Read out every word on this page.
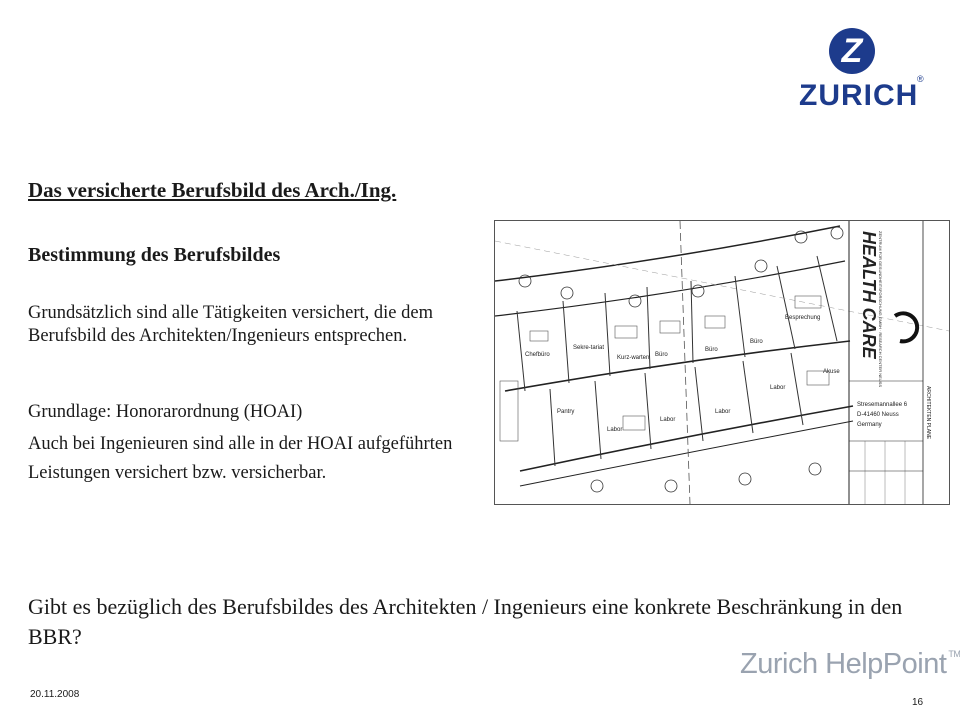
Z
ZURICH
®
Das versicherte Berufsbild des Arch./Ing.
Bestimmung des Berufsbildes
Grundsätzlich sind alle Tätigkeiten versichert, die dem Berufsbild des Architekten/Ingenieurs entsprechen.
Grundlage: Honorarordnung (HOAI)
Auch bei Ingenieuren sind alle in der HOAI aufgeführten Leistungen versichert bzw. versicherbar.
Chefbüro
Sekre-tariat
Kurz-warten Büro
Büro
Büro
Besprechung
Pantry
Labor
Labor
Labor
Labor
Akuse
HEALTH CARE ZENTRUM FÜR GESUNDHEITSFORSCHUNG GMBH · RESEARCH CENTER NEUSS
Stresemannallee 6
D-41460 Neuss
Germany	ARCHITEKTEN PLANE
Gibt es bezüglich des Berufsbildes des Architekten / Ingenieurs eine konkrete Beschränkung in den BBR?
Zurich HelpPoint ™
20.11.2008
16
